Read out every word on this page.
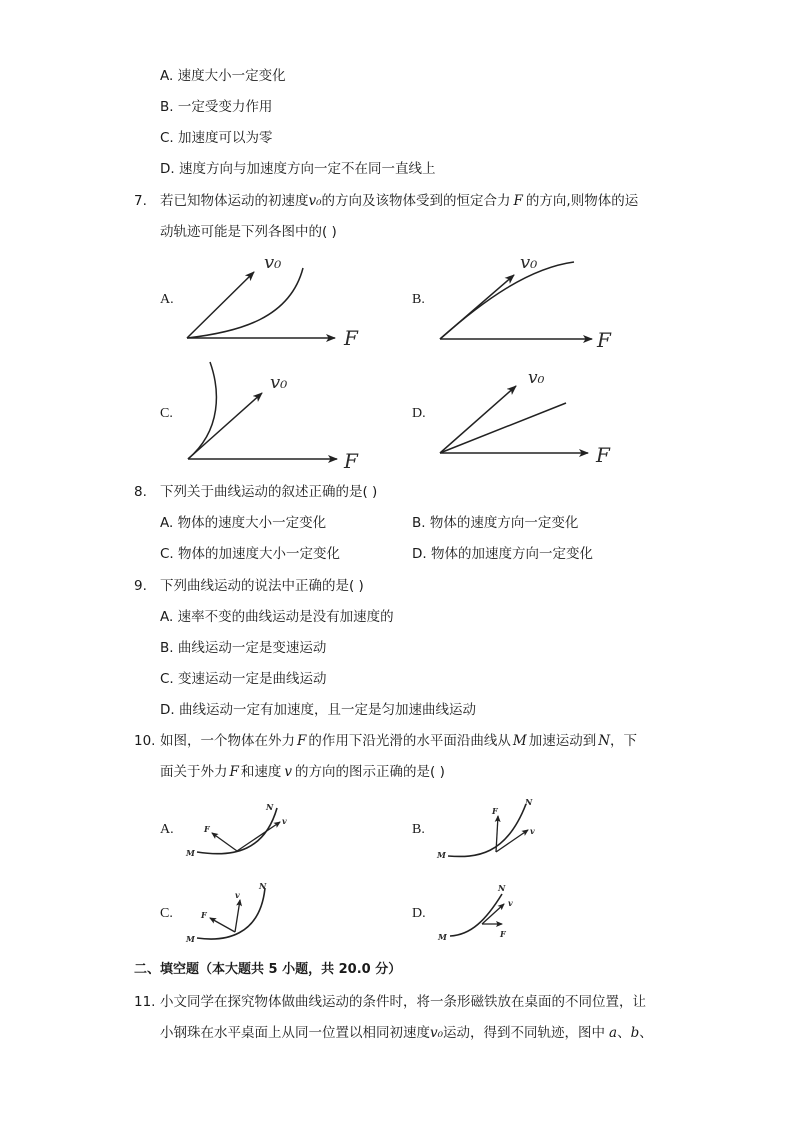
A. 速度大小一定变化
B. 一定受变力作用
C. 加速度可以为零
D. 速度方向与加速度方向一定不在同一直线上
7. 若已知物体运动的初速度v₀的方向及该物体受到的恒定合力 F 的方向,则物体的运
动轨迹可能是下列各图中的( )
A.	B.
C.	D.
v₀
F
v₀
F
v₀
F
v₀
F
8. 下列关于曲线运动的叙述正确的是( )
A. 物体的速度大小一定变化	B. 物体的速度方向一定变化
C. 物体的加速度大小一定变化	D. 物体的加速度方向一定变化
9. 下列曲线运动的说法中正确的是( )
A. 速率不变的曲线运动是没有加速度的
B. 曲线运动一定是变速运动
C. 变速运动一定是曲线运动
D. 曲线运动一定有加速度，且一定是匀加速曲线运动
10. 如图，一个物体在外力 F 的作用下沿光滑的水平面沿曲线从 M 加速运动到 N，下
面关于外力 F 和速度 v 的方向的图示正确的是( )
A.	B.
C.	D.
M
N
F
v
M
N
F
v
M
N
F
v
M
N
v
F
二、填空题（本大题共 5 小题，共 20.0 分）
11. 小文同学在探究物体做曲线运动的条件时，将一条形磁铁放在桌面的不同位置，让
小钢珠在水平桌面上从同一位置以相同初速度v₀运动，得到不同轨迹，图中 a、b、
